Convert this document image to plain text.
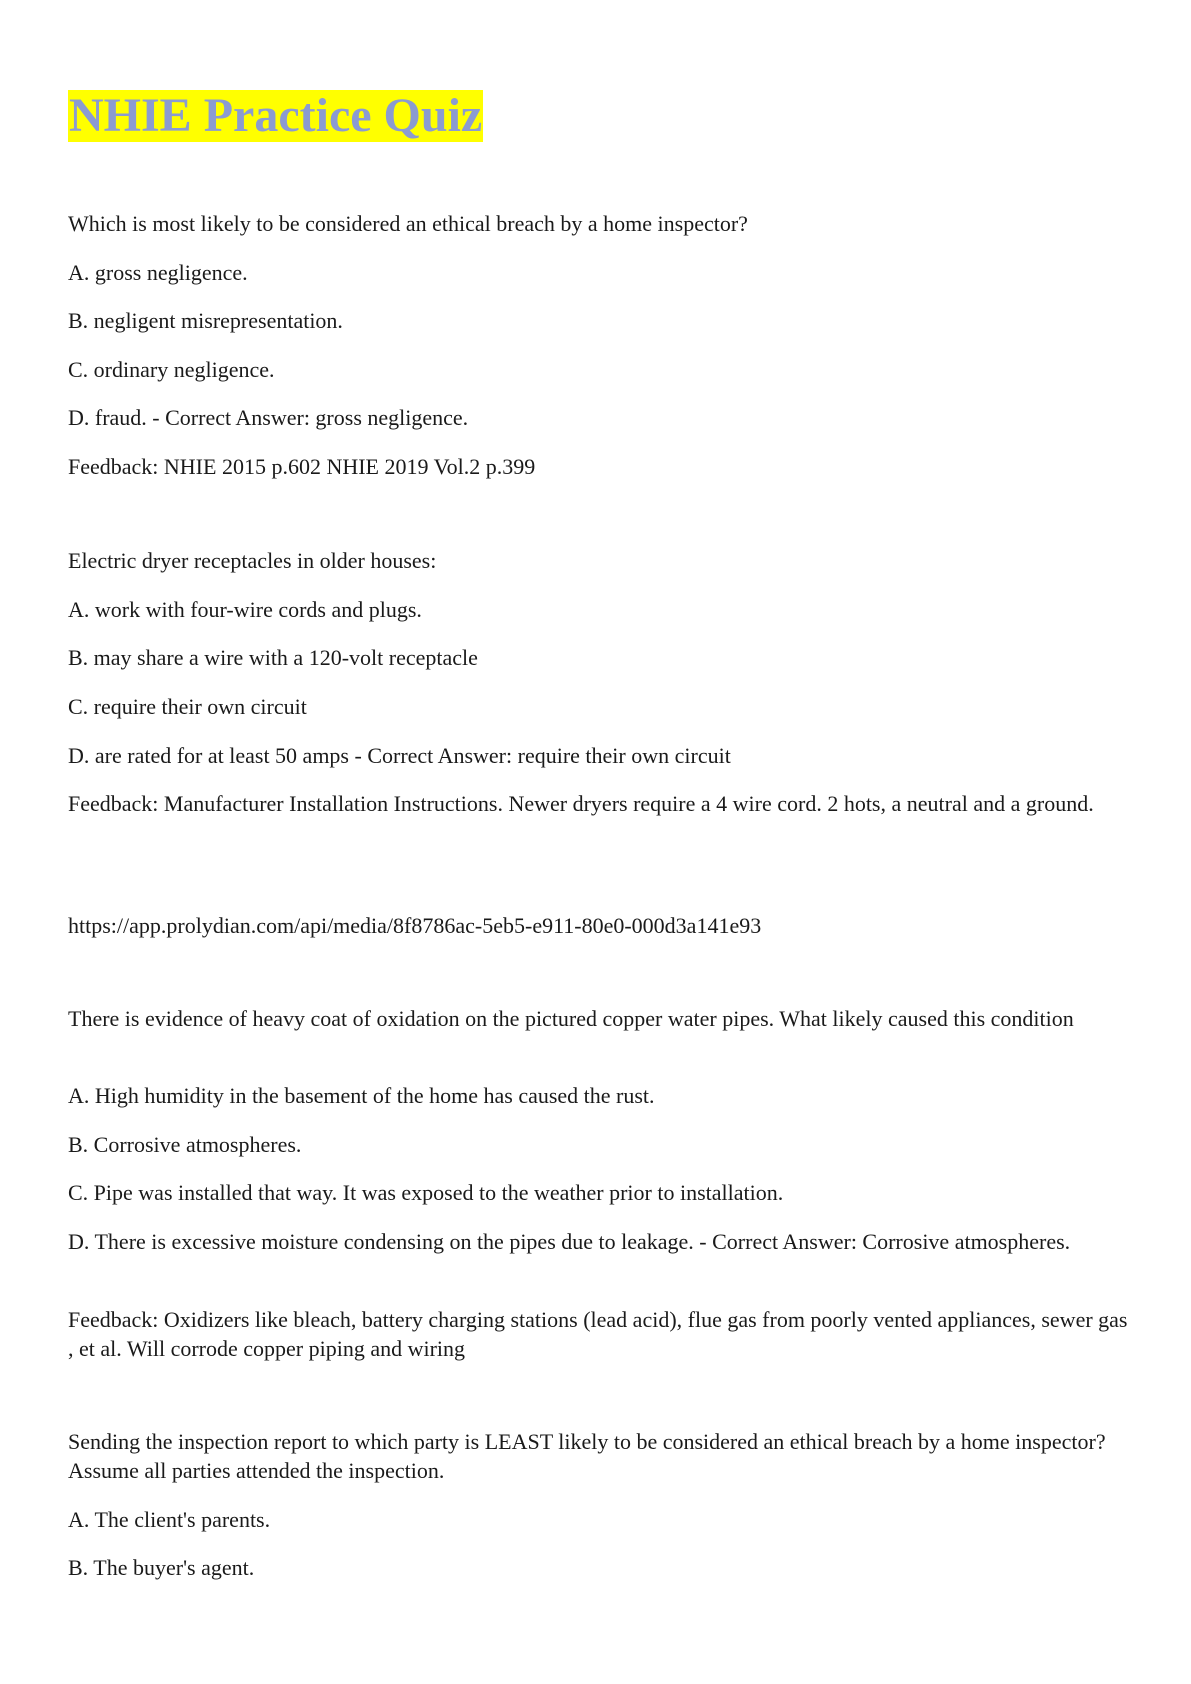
NHIE Practice Quiz

Which is most likely to be considered an ethical breach by a home inspector?

A. gross negligence.

B. negligent misrepresentation.

C. ordinary negligence.

D. fraud. - Correct Answer: gross negligence.

Feedback: NHIE 2015 p.602 NHIE 2019 Vol.2 p.399

Electric dryer receptacles in older houses:

A. work with four-wire cords and plugs.

B. may share a wire with a 120-volt receptacle

C. require their own circuit

D. are rated for at least 50 amps - Correct Answer: require their own circuit

Feedback: Manufacturer Installation Instructions. Newer dryers require a 4 wire cord. 2 hots, a neutral and a ground.

https://app.prolydian.com/api/media/8f8786ac-5eb5-e911-80e0-000d3a141e93

There is evidence of heavy coat of oxidation on the pictured copper water pipes. What likely caused this condition

A. High humidity in the basement of the home has caused the rust.

B. Corrosive atmospheres.

C. Pipe was installed that way. It was exposed to the weather prior to installation.

D. There is excessive moisture condensing on the pipes due to leakage. - Correct Answer: Corrosive atmospheres.

Feedback: Oxidizers like bleach, battery charging stations (lead acid), flue gas from poorly vented appliances, sewer gas , et al. Will corrode copper piping and wiring

Sending the inspection report to which party is LEAST likely to be considered an ethical breach by a home inspector? Assume all parties attended the inspection.

A. The client's parents.

B. The buyer's agent.
